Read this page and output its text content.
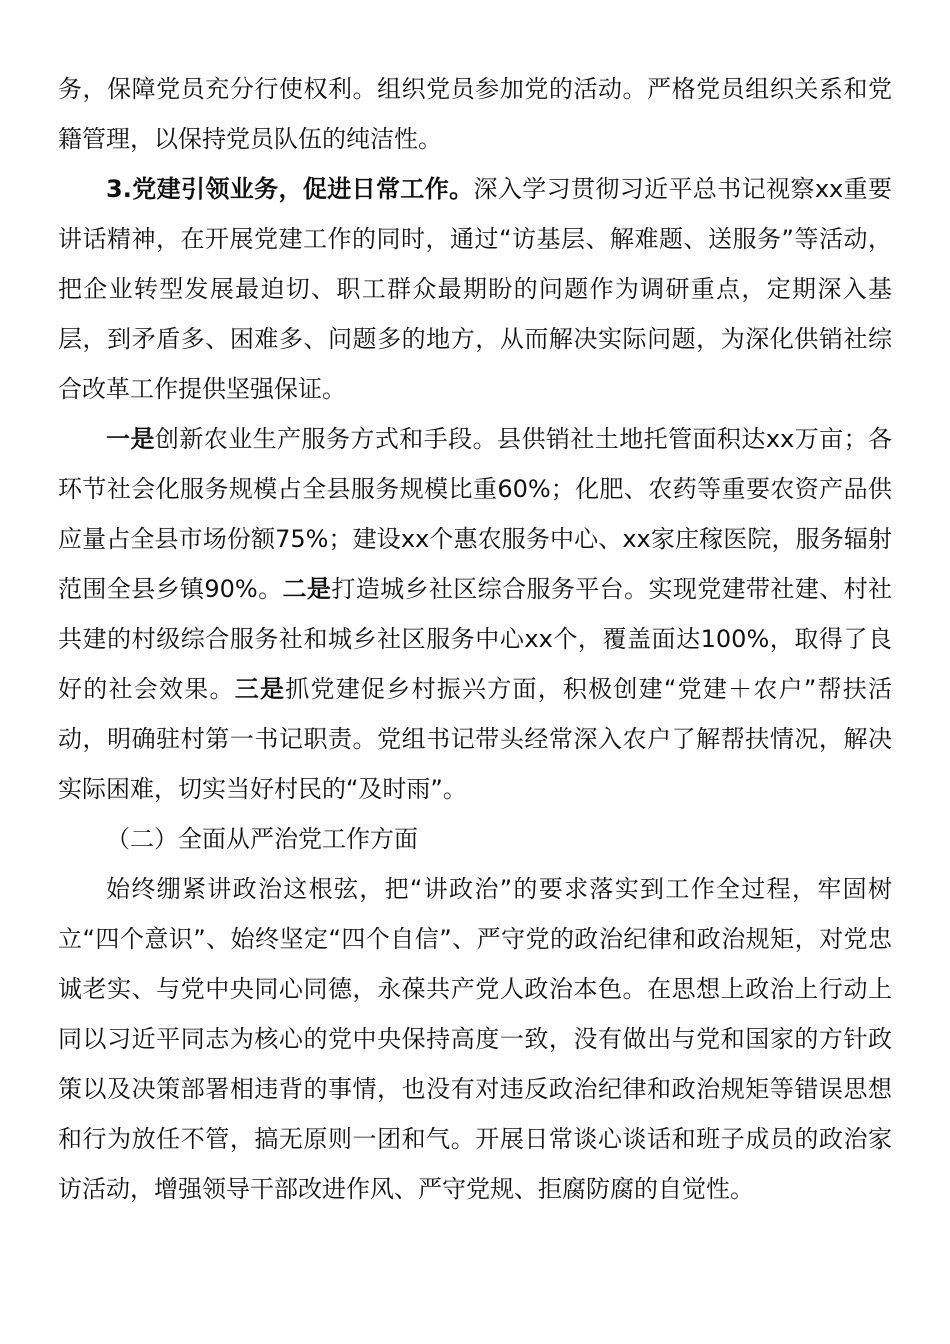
务，保障党员充分行使权利。组织党员参加党的活动。严格党员组织关系和党籍管理，以保持党员队伍的纯洁性。

3.党建引领业务，促进日常工作。深入学习贯彻习近平总书记视察xx重要讲话精神，在开展党建工作的同时，通过“访基层、解难题、送服务”等活动，把企业转型发展最迫切、职工群众最期盼的问题作为调研重点，定期深入基层，到矛盾多、困难多、问题多的地方，从而解决实际问题，为深化供销社综合改革工作提供坚强保证。

一是创新农业生产服务方式和手段。县供销社土地托管面积达xx万亩；各环节社会化服务规模占全县服务规模比重60%；化肥、农药等重要农资产品供应量占全县市场份额75%；建设xx个惠农服务中心、xx家庄稼医院，服务辐射范围全县乡镇90%。二是打造城乡社区综合服务平台。实现党建带社建、村社共建的村级综合服务社和城乡社区服务中心xx个，覆盖面达100%，取得了良好的社会效果。三是抓党建促乡村振兴方面，积极创建“党建＋农户”帮扶活动，明确驻村第一书记职责。党组书记带头经常深入农户了解帮扶情况，解决实际困难，切实当好村民的“及时雨”。

（二）全面从严治党工作方面

始终绷紧讲政治这根弦，把“讲政治”的要求落实到工作全过程，牢固树立“四个意识”、始终坚定“四个自信”、严守党的政治纪律和政治规矩，对党忠诚老实、与党中央同心同德，永葆共产党人政治本色。在思想上政治上行动上同以习近平同志为核心的党中央保持高度一致，没有做出与党和国家的方针政策以及决策部署相违背的事情，也没有对违反政治纪律和政治规矩等错误思想和行为放任不管，搞无原则一团和气。开展日常谈心谈话和班子成员的政治家访活动，增强领导干部改进作风、严守党规、拒腐防腐的自觉性。
